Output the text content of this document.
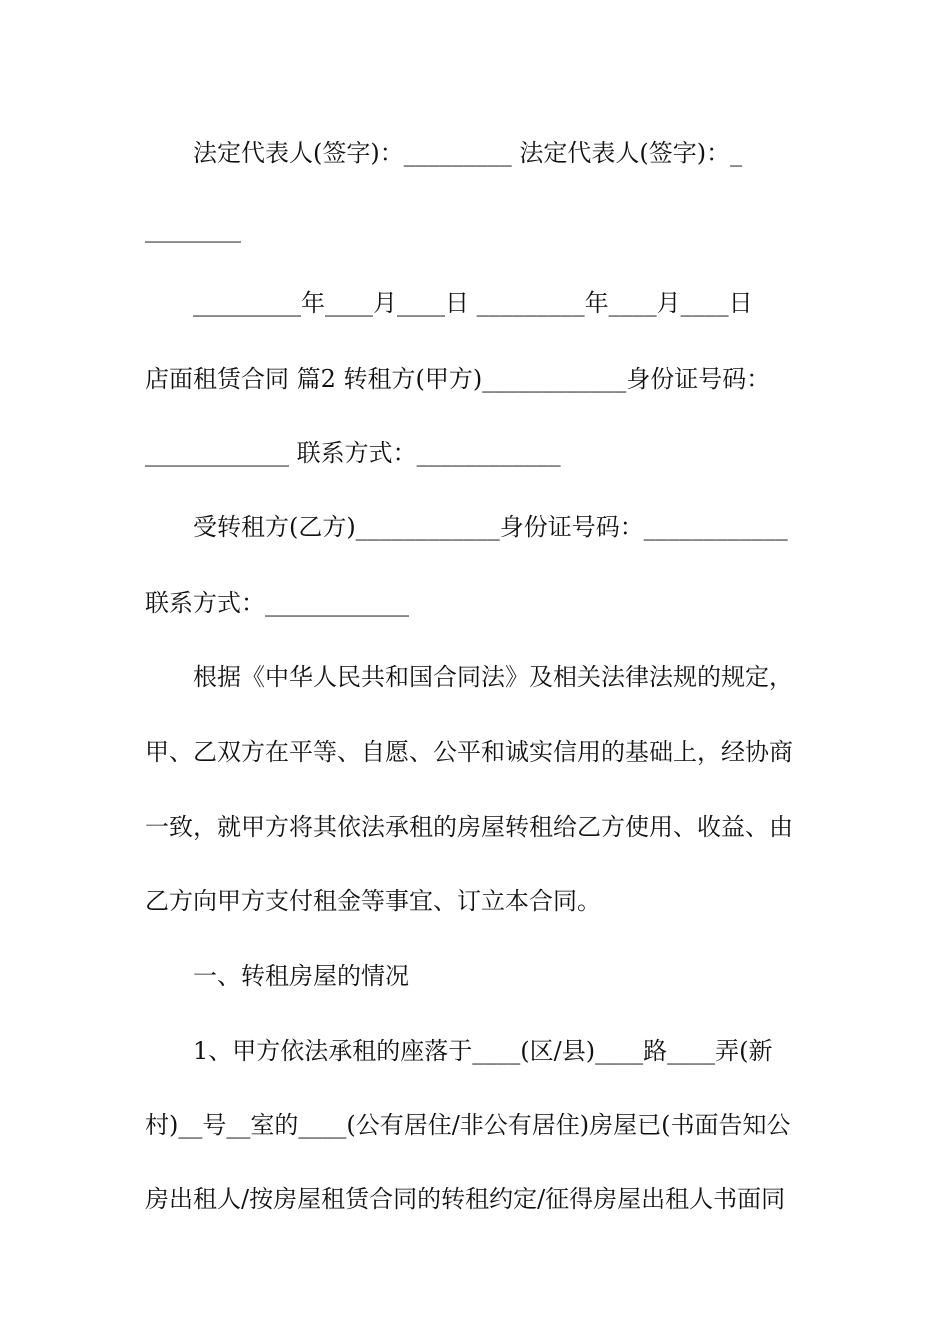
法定代表人(签字)：_________ 法定代表人(签字)：_
________
_________年____月____日 _________年____月____日
店面租赁合同 篇2 转租方(甲方)____________身份证号码：
____________ 联系方式：____________
受转租方(乙方)____________身份证号码：____________
联系方式：____________
根据《中华人民共和国合同法》及相关法律法规的规定，
甲、乙双方在平等、自愿、公平和诚实信用的基础上，经协商
一致，就甲方将其依法承租的房屋转租给乙方使用、收益、由
乙方向甲方支付租金等事宜、订立本合同。
一、转租房屋的情况
1、甲方依法承租的座落于____(区/县)____路____弄(新
村)__号__室的____(公有居住/非公有居住)房屋已(书面告知公
房出租人/按房屋租赁合同的转租约定/征得房屋出租人书面同
